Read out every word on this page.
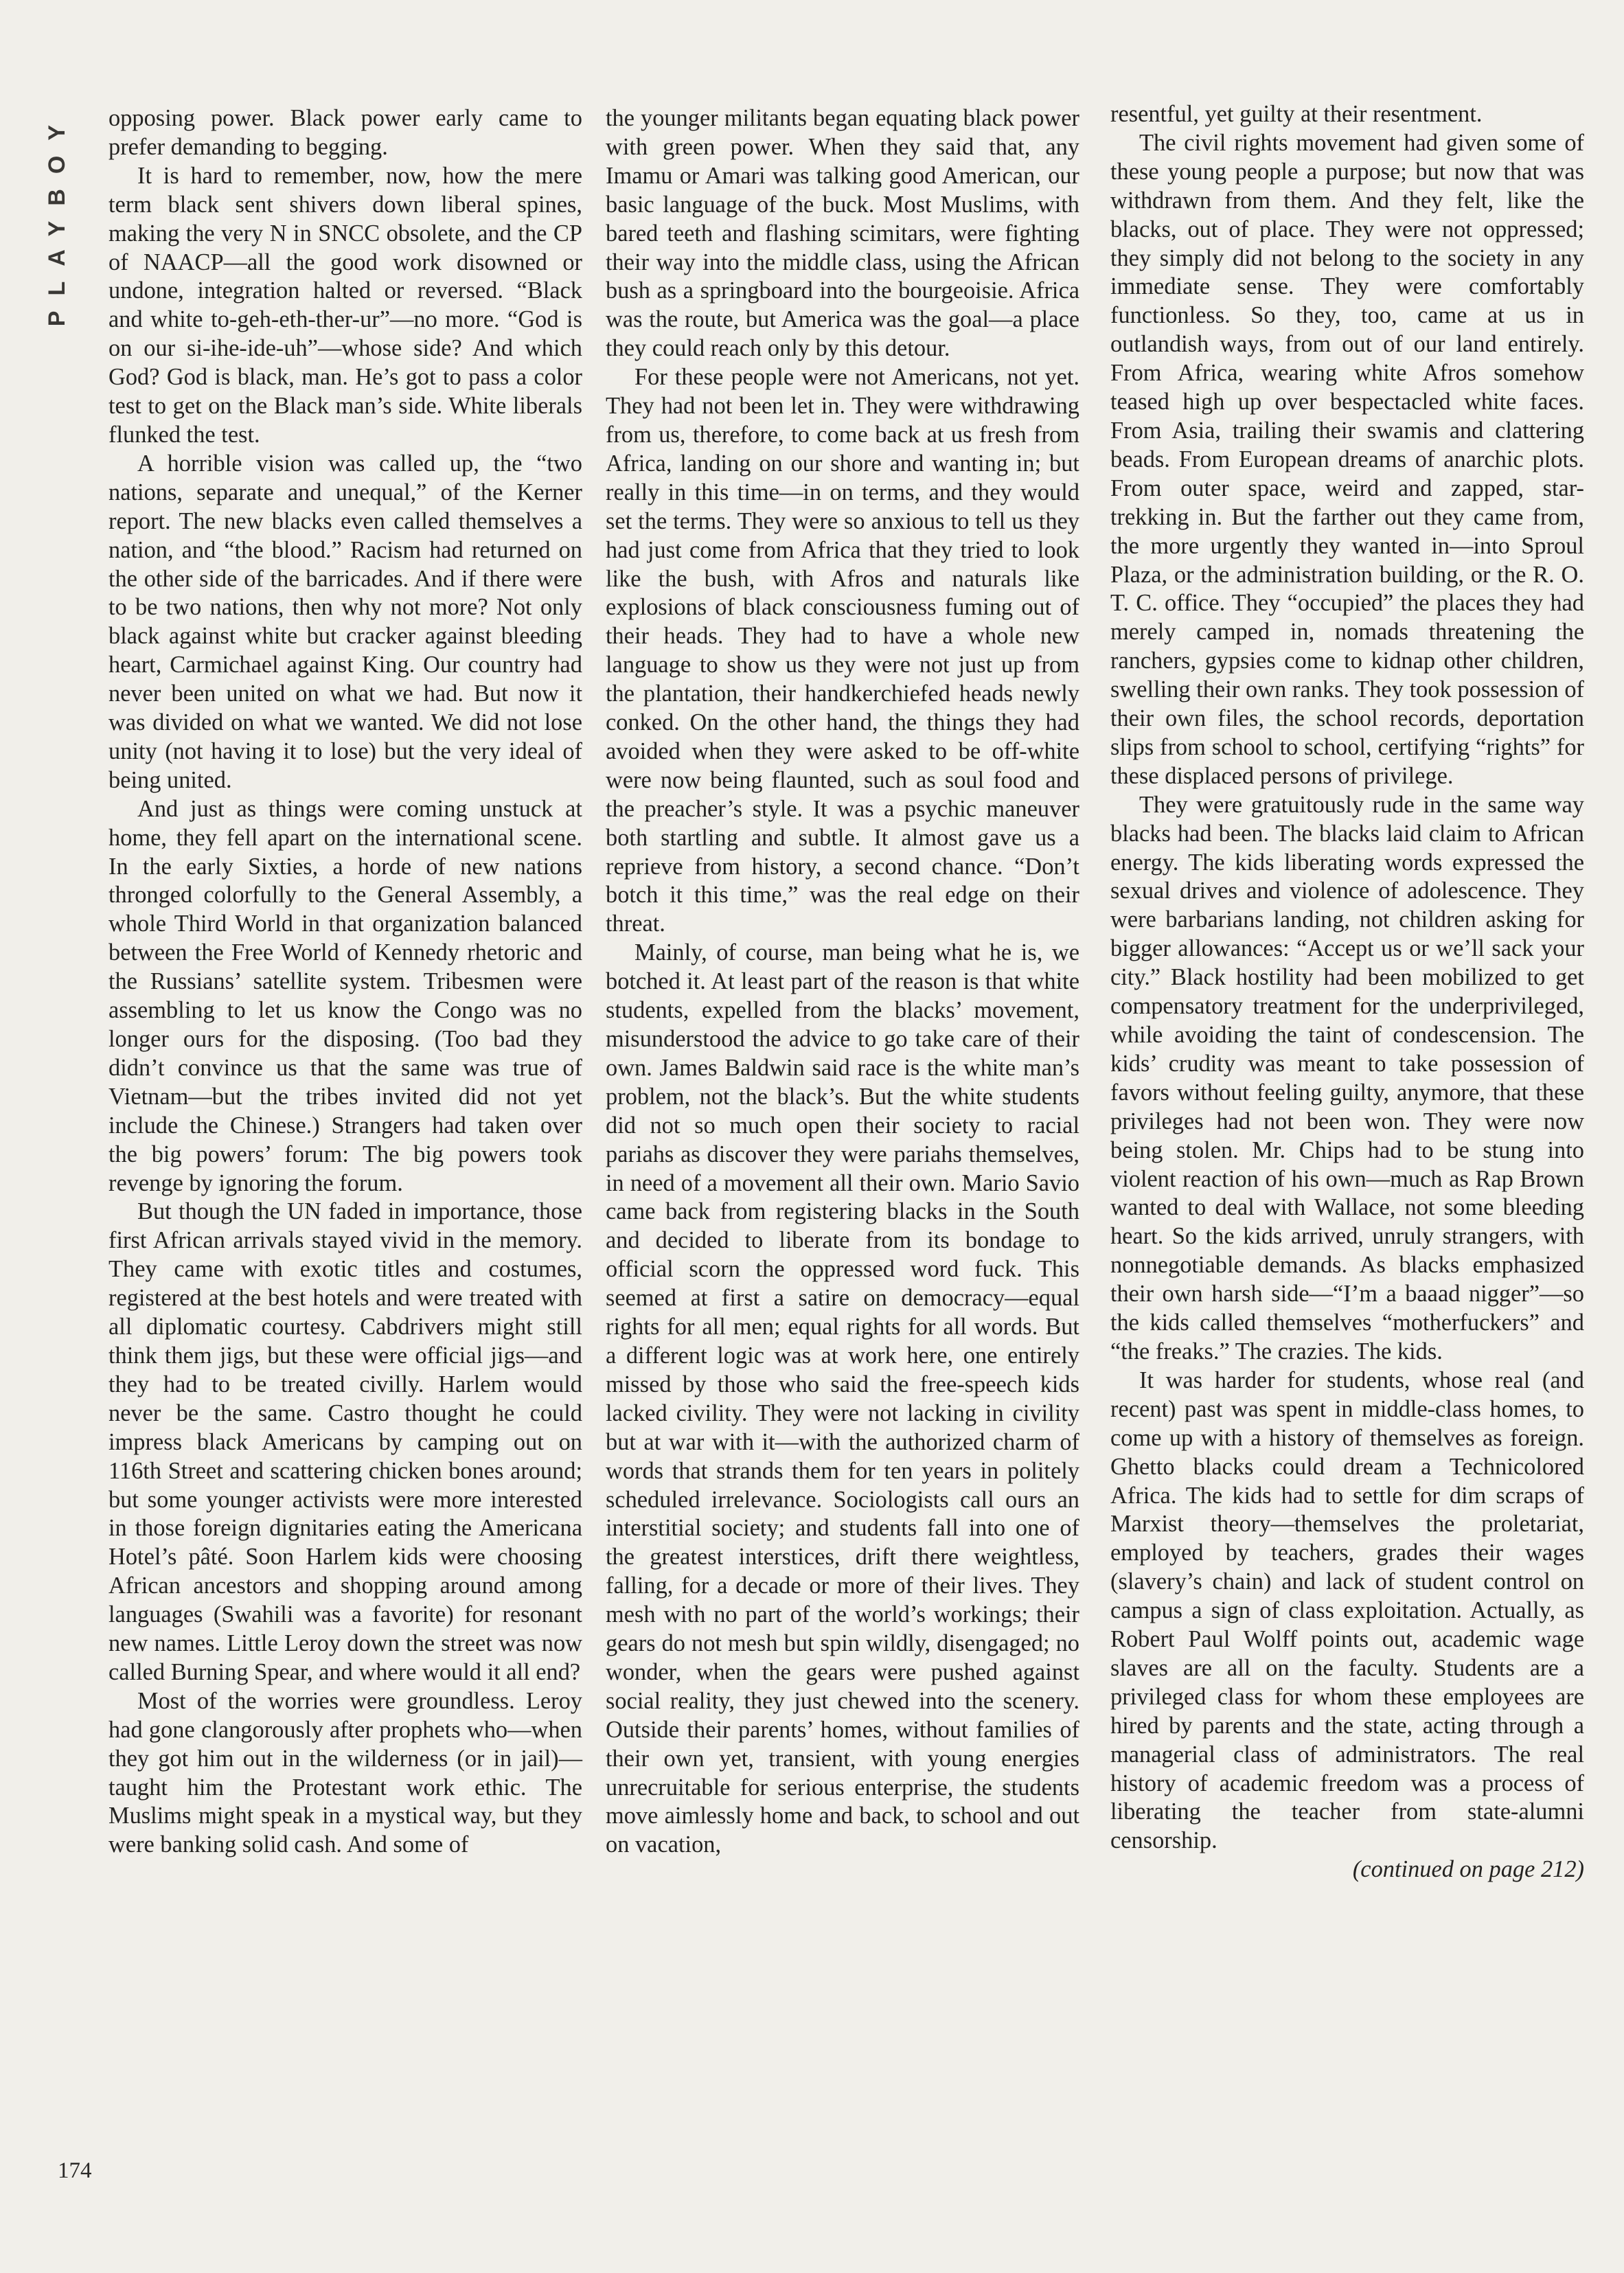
PLAYBOY	opposing power. Black power early came to prefer demanding to begging.

It is hard to remember, now, how the mere term black sent shivers down liberal spines, making the very N in SNCC obsolete, and the CP of NAACP—all the good work disowned or undone, integration halted or reversed. “Black and white to-geh-eth-ther-ur”—no more. “God is on our si-ihe-ide-uh”—whose side? And which God? God is black, man. He’s got to pass a color test to get on the Black man’s side. White liberals flunked the test.

A horrible vision was called up, the “two nations, separate and unequal,” of the Kerner report. The new blacks even called themselves a nation, and “the blood.” Racism had returned on the other side of the barricades. And if there were to be two nations, then why not more? Not only black against white but cracker against bleeding heart, Carmichael against King. Our country had never been united on what we had. But now it was divided on what we wanted. We did not lose unity (not having it to lose) but the very ideal of being united.

And just as things were coming unstuck at home, they fell apart on the international scene. In the early Sixties, a horde of new nations thronged colorfully to the General Assembly, a whole Third World in that organization balanced between the Free World of Kennedy rhetoric and the Russians’ satellite system. Tribesmen were assembling to let us know the Congo was no longer ours for the disposing. (Too bad they didn’t convince us that the same was true of Vietnam—but the tribes invited did not yet include the Chinese.) Strangers had taken over the big powers’ forum: The big powers took revenge by ignoring the forum.

But though the UN faded in importance, those first African arrivals stayed vivid in the memory. They came with exotic titles and costumes, registered at the best hotels and were treated with all diplomatic courtesy. Cabdrivers might still think them jigs, but these were official jigs—and they had to be treated civilly. Harlem would never be the same. Castro thought he could impress black Americans by camping out on 116th Street and scattering chicken bones around; but some younger activists were more interested in those foreign dignitaries eating the Americana Hotel’s pâté. Soon Harlem kids were choosing African ancestors and shopping around among languages (Swahili was a favorite) for resonant new names. Little Leroy down the street was now called Burning Spear, and where would it all end?

Most of the worries were groundless. Leroy had gone clangorously after prophets who—when they got him out in the wilderness (or in jail)—taught him the Protestant work ethic. The Muslims might speak in a mystical way, but they were banking solid cash. And some of

the younger militants began equating black power with green power. When they said that, any Imamu or Amari was talking good American, our basic language of the buck. Most Muslims, with bared teeth and flashing scimitars, were fighting their way into the middle class, using the African bush as a springboard into the bourgeoisie. Africa was the route, but America was the goal—a place they could reach only by this detour.

For these people were not Americans, not yet. They had not been let in. They were withdrawing from us, therefore, to come back at us fresh from Africa, landing on our shore and wanting in; but really in this time—in on terms, and they would set the terms. They were so anxious to tell us they had just come from Africa that they tried to look like the bush, with Afros and naturals like explosions of black consciousness fuming out of their heads. They had to have a whole new language to show us they were not just up from the plantation, their handkerchiefed heads newly conked. On the other hand, the things they had avoided when they were asked to be off-white were now being flaunted, such as soul food and the preacher’s style. It was a psychic maneuver both startling and subtle. It almost gave us a reprieve from history, a second chance. “Don’t botch it this time,” was the real edge on their threat.

Mainly, of course, man being what he is, we botched it. At least part of the reason is that white students, expelled from the blacks’ movement, misunderstood the advice to go take care of their own. James Baldwin said race is the white man’s problem, not the black’s. But the white students did not so much open their society to racial pariahs as discover they were pariahs themselves, in need of a movement all their own. Mario Savio came back from registering blacks in the South and decided to liberate from its bondage to official scorn the oppressed word fuck. This seemed at first a satire on democracy—equal rights for all men; equal rights for all words. But a different logic was at work here, one entirely missed by those who said the free-speech kids lacked civility. They were not lacking in civility but at war with it—with the authorized charm of words that strands them for ten years in politely scheduled irrelevance. Sociologists call ours an interstitial society; and students fall into one of the greatest interstices, drift there weightless, falling, for a decade or more of their lives. They mesh with no part of the world’s workings; their gears do not mesh but spin wildly, disengaged; no wonder, when the gears were pushed against social reality, they just chewed into the scenery. Outside their parents’ homes, without families of their own yet, transient, with young energies unrecruitable for serious enterprise, the students move aimlessly home and back, to school and out on vacation,

resentful, yet guilty at their resentment.

The civil rights movement had given some of these young people a purpose; but now that was withdrawn from them. And they felt, like the blacks, out of place. They were not oppressed; they simply did not belong to the society in any immediate sense. They were comfortably functionless. So they, too, came at us in outlandish ways, from out of our land entirely. From Africa, wearing white Afros somehow teased high up over bespectacled white faces. From Asia, trailing their swamis and clattering beads. From European dreams of anarchic plots. From outer space, weird and zapped, star-trekking in. But the farther out they came from, the more urgently they wanted in—into Sproul Plaza, or the administration building, or the R. O. T. C. office. They “occupied” the places they had merely camped in, nomads threatening the ranchers, gypsies come to kidnap other children, swelling their own ranks. They took possession of their own files, the school records, deportation slips from school to school, certifying “rights” for these displaced persons of privilege.

They were gratuitously rude in the same way blacks had been. The blacks laid claim to African energy. The kids liberating words expressed the sexual drives and violence of adolescence. They were barbarians landing, not children asking for bigger allowances: “Accept us or we’ll sack your city.” Black hostility had been mobilized to get compensatory treatment for the underprivileged, while avoiding the taint of condescension. The kids’ crudity was meant to take possession of favors without feeling guilty, anymore, that these privileges had not been won. They were now being stolen. Mr. Chips had to be stung into violent reaction of his own—much as Rap Brown wanted to deal with Wallace, not some bleeding heart. So the kids arrived, unruly strangers, with nonnegotiable demands. As blacks emphasized their own harsh side—“I’m a baaad nigger”—so the kids called themselves “motherfuckers” and “the freaks.” The crazies. The kids.

It was harder for students, whose real (and recent) past was spent in middle-class homes, to come up with a history of themselves as foreign. Ghetto blacks could dream a Technicolored Africa. The kids had to settle for dim scraps of Marxist theory—themselves the proletariat, employed by teachers, grades their wages (slavery’s chain) and lack of student control on campus a sign of class exploitation. Actually, as Robert Paul Wolff points out, academic wage slaves are all on the faculty. Students are a privileged class for whom these employees are hired by parents and the state, acting through a managerial class of administrators. The real history of academic freedom was a process of liberating the teacher from state-alumni censorship.

(continued on page 212)

174
